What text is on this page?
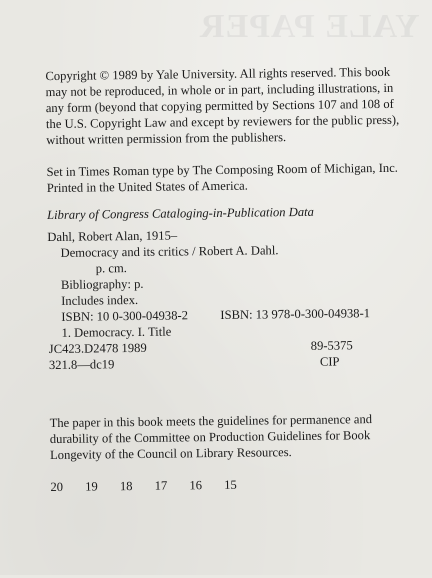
YALE PAPER
Copyright © 1989 by Yale University. All rights reserved. This book
may not be reproduced, in whole or in part, including illustrations, in
any form (beyond that copying permitted by Sections 107 and 108 of
the U.S. Copyright Law and except by reviewers for the public press),
without written permission from the publishers.
Set in Times Roman type by The Composing Room of Michigan, Inc.
Printed in the United States of America.
Library of Congress Cataloging-in-Publication Data
Dahl, Robert Alan, 1915–
Democracy and its critics / Robert A. Dahl.
p. cm.
Bibliography: p.
Includes index.
ISBN: 10 0-300-04938-2	ISBN: 13 978-0-300-04938-1
1. Democracy. I. Title
JC423.D2478 1989	89-5375
321.8—dc19	CIP
The paper in this book meets the guidelines for permanence and
durability of the Committee on Production Guidelines for Book
Longevity of the Council on Library Resources.
20 19 18 17 16 15
